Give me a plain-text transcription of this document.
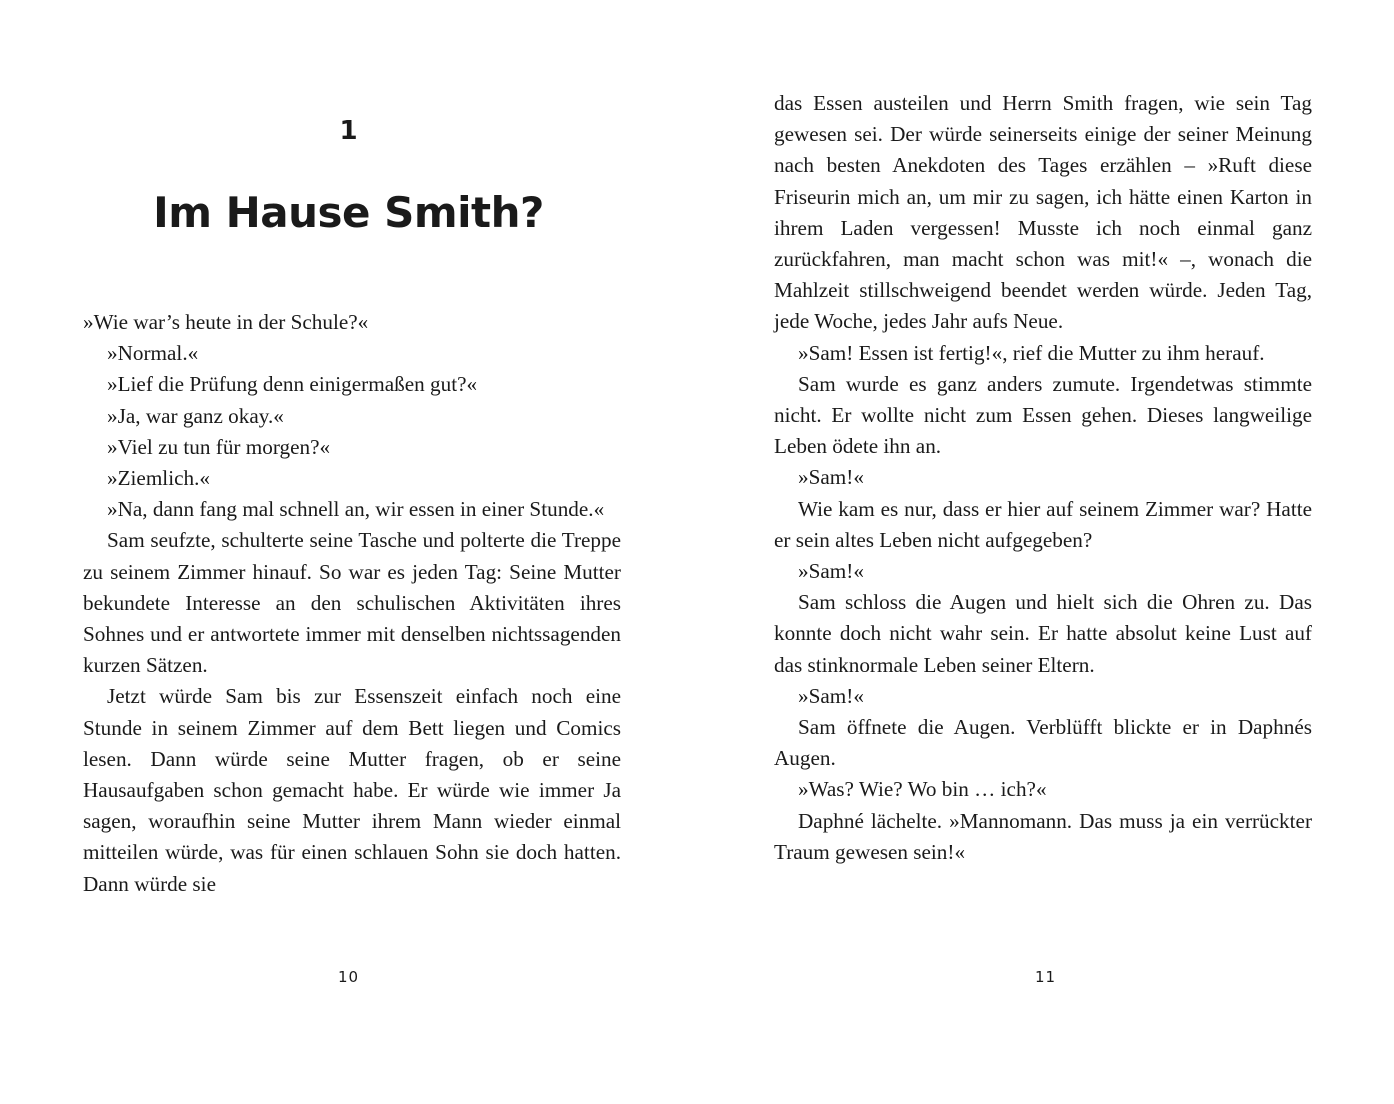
1
Im Hause Smith?

»Wie war’s heute in der Schule?«

»Normal.«

»Lief die Prüfung denn einigermaßen gut?«

»Ja, war ganz okay.«

»Viel zu tun für morgen?«

»Ziemlich.«

»Na, dann fang mal schnell an, wir essen in einer Stunde.«

Sam seufzte, schulterte seine Tasche und polterte die Treppe zu seinem Zimmer hinauf. So war es jeden Tag: Seine Mutter bekundete Interesse an den schulischen Aktivitäten ihres Sohnes und er antwortete immer mit denselben nichtssagenden kurzen Sätzen.

Jetzt würde Sam bis zur Essenszeit einfach noch eine Stunde in seinem Zimmer auf dem Bett liegen und Comics lesen. Dann würde seine Mutter fragen, ob er seine Hausaufgaben schon gemacht habe. Er würde wie immer Ja sagen, woraufhin seine Mutter ihrem Mann wieder einmal mitteilen würde, was für einen schlauen Sohn sie doch hatten. Dann würde sie

10

das Essen austeilen und Herrn Smith fragen, wie sein Tag gewesen sei. Der würde seinerseits einige der seiner Meinung nach besten Anekdoten des Tages erzählen – »Ruft diese Friseurin mich an, um mir zu sagen, ich hätte einen Karton in ihrem Laden vergessen! Musste ich noch einmal ganz zurückfahren, man macht schon was mit!« –, wonach die Mahlzeit stillschweigend beendet werden würde. Jeden Tag, jede Woche, jedes Jahr aufs Neue.

»Sam! Essen ist fertig!«, rief die Mutter zu ihm herauf.

Sam wurde es ganz anders zumute. Irgendetwas stimmte nicht. Er wollte nicht zum Essen gehen. Dieses langweilige Leben ödete ihn an.

»Sam!«

Wie kam es nur, dass er hier auf seinem Zimmer war? Hatte er sein altes Leben nicht aufgegeben?

»Sam!«

Sam schloss die Augen und hielt sich die Ohren zu. Das konnte doch nicht wahr sein. Er hatte absolut keine Lust auf das stinknormale Leben seiner Eltern.

»Sam!«

Sam öffnete die Augen. Verblüfft blickte er in Daphnés Augen.

»Was? Wie? Wo bin … ich?«

Daphné lächelte. »Mannomann. Das muss ja ein verrückter Traum gewesen sein!«

11
